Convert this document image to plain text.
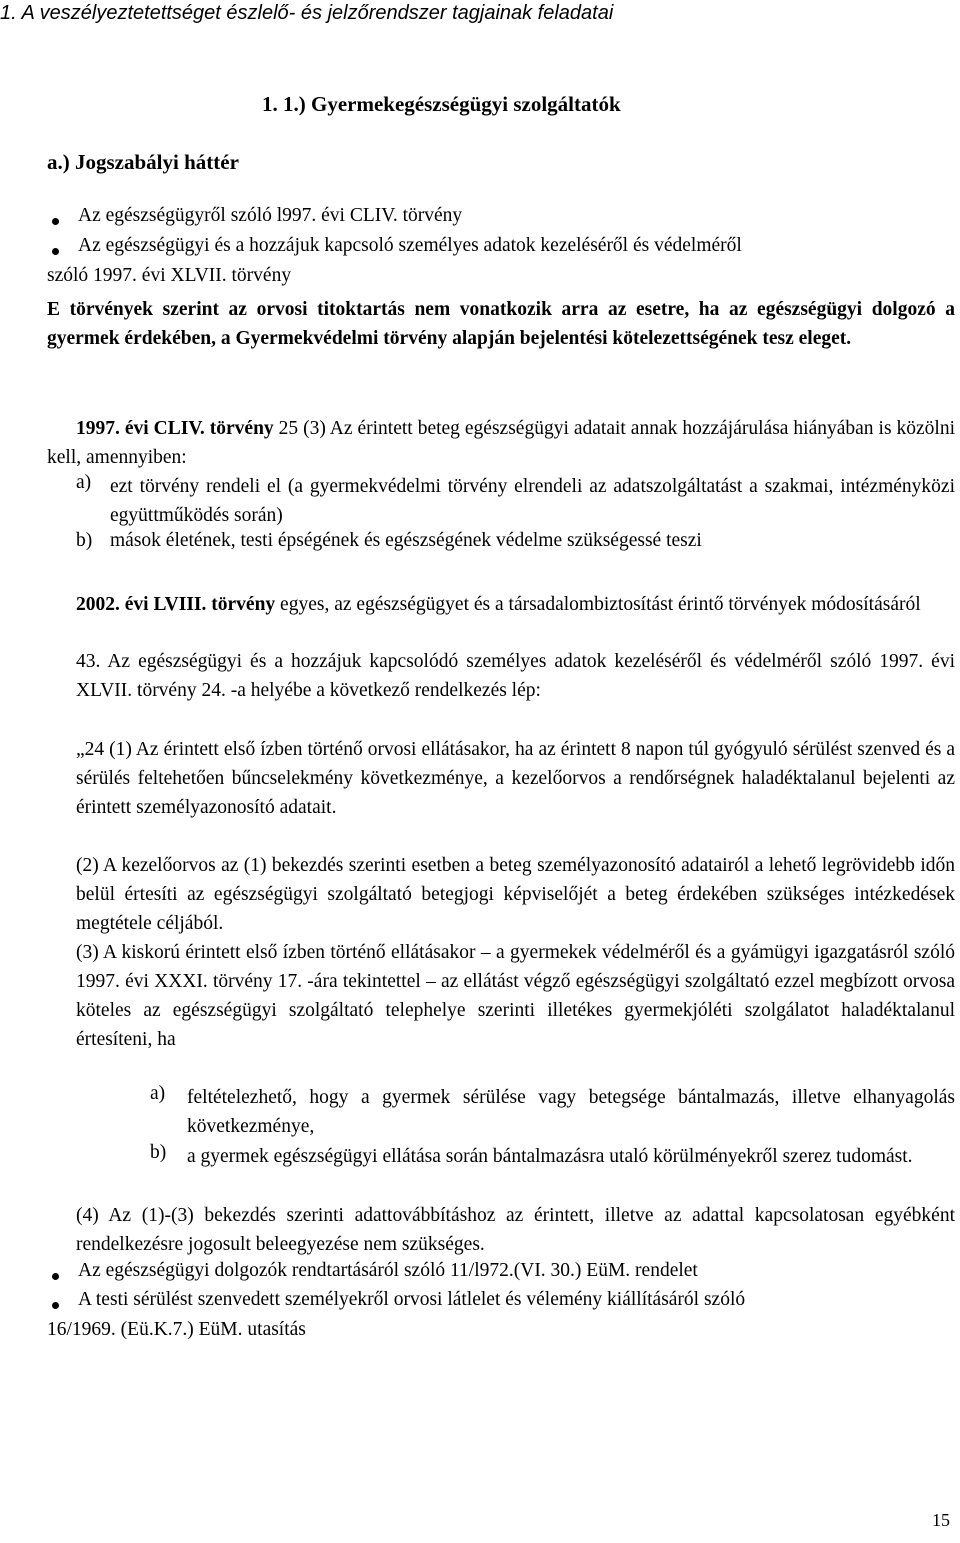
1. A veszélyeztetettséget észlelő- és jelzőrendszer tagjainak feladatai
1. 1.) Gyermekegészségügyi szolgáltatók
a.) Jogszabályi háttér
Az egészségügyről szóló l997. évi CLIV. törvény
Az egészségügyi és a hozzájuk kapcsoló személyes adatok kezeléséről és védelméről
szóló 1997. évi XLVII. törvény

E törvények szerint az orvosi titoktartás nem vonatkozik arra az esetre, ha az egészségügyi dolgozó a gyermek érdekében, a Gyermekvédelmi törvény alapján bejelentési kötelezettségének tesz eleget.

1997. évi CLIV. törvény 25 (3) Az érintett beteg egészségügyi adatait annak hozzájárulása hiányában is közölni kell, amennyiben:

a) ezt törvény rendeli el (a gyermekvédelmi törvény elrendeli az adatszolgáltatást a szakmai, intézményközi együttműködés során)

b) mások életének, testi épségének és egészségének védelme szükségessé teszi

2002. évi LVIII. törvény egyes, az egészségügyet és a társadalombiztosítást érintő törvények módosításáról

43. Az egészségügyi és a hozzájuk kapcsolódó személyes adatok kezeléséről és védelméről szóló 1997. évi XLVII. törvény 24. -a helyébe a következő rendelkezés lép:

„24 (1) Az érintett első ízben történő orvosi ellátásakor, ha az érintett 8 napon túl gyógyuló sérülést szenved és a sérülés feltehetően bűncselekmény következménye, a kezelőorvos a rendőrségnek haladéktalanul bejelenti az érintett személyazonosító adatait.

(2) A kezelőorvos az (1) bekezdés szerinti esetben a beteg személyazonosító adatairól a lehető legrövidebb időn belül értesíti az egészségügyi szolgáltató betegjogi képviselőjét a beteg érdekében szükséges intézkedések megtétele céljából.

(3) A kiskorú érintett első ízben történő ellátásakor – a gyermekek védelméről és a gyámügyi igazgatásról szóló 1997. évi XXXI. törvény 17. -ára tekintettel – az ellátást végző egészségügyi szolgáltató ezzel megbízott orvosa köteles az egészségügyi szolgáltató telephelye szerinti illetékes gyermekjóléti szolgálatot haladéktalanul értesíteni, ha

a) feltételezhető, hogy a gyermek sérülése vagy betegsége bántalmazás, illetve elhanyagolás következménye,

b) a gyermek egészségügyi ellátása során bántalmazásra utaló körülményekről szerez tudomást.

(4) Az (1)-(3) bekezdés szerinti adattovábbításhoz az érintett, illetve az adattal kapcsolatosan egyébként rendelkezésre jogosult beleegyezése nem szükséges.

Az egészségügyi dolgozók rendtartásáról szóló 11/l972.(VI. 30.) EüM. rendelet

A testi sérülést szenvedett személyekről orvosi látlelet és vélemény kiállításáról szóló

16/1969. (Eü.K.7.) EüM. utasítás
15
